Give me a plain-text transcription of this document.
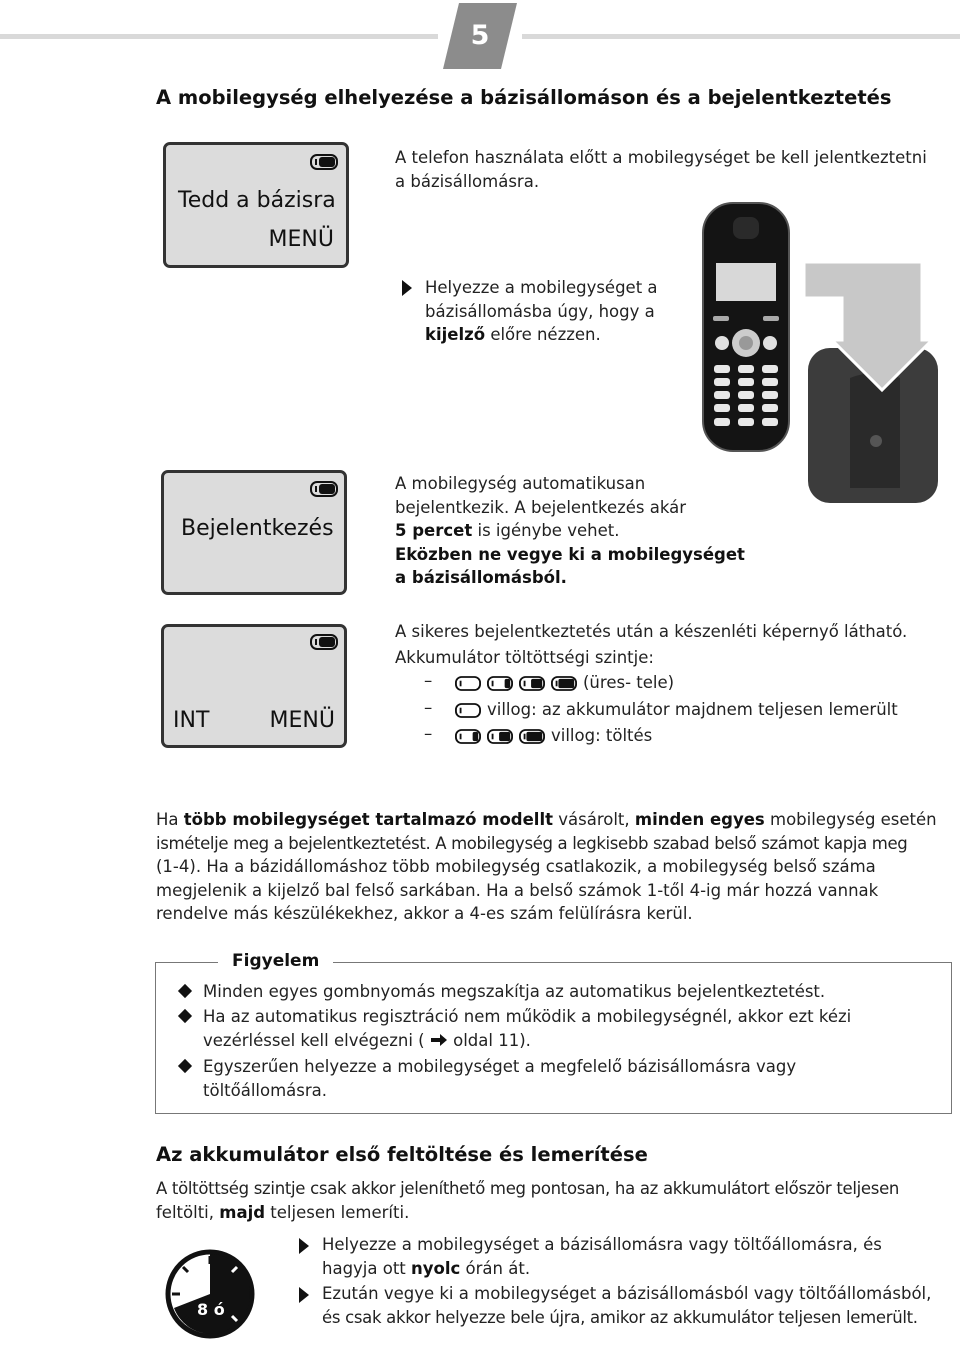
5
A mobilegység elhelyezése a bázisállomáson és a bejelentkeztetés
Tedd a bázisra
MENÜ
Bejelentkezés
INT	MENÜ
A telefon használata előtt a mobilegységet be kell jelentkeztetni
a bázisállomásra.
Helyezze a mobilegységet a
bázisállomásba úgy, hogy a
kijelző előre nézzen.
A mobilegység automatikusan
bejelentkezik. A bejelentkezés akár
5 percet is igénybe vehet.
Eközben ne vegye ki a mobilegységet
a bázisállomásból.
A sikeres bejelentkeztetés után a készenléti képernyő látható.
Akkumulátor töltöttségi szintje:
–	(üres- tele)
–	villog: az akkumulátor majdnem teljesen lemerült
–	villog: töltés
Ha több mobilegységet tartalmazó modellt vásárolt, minden egyes mobilegység esetén
ismételje meg a bejelentkeztetést. A mobilegység a legkisebb szabad belső számot kapja meg
(1-4). Ha a bázidállomáshoz több mobilegység csatlakozik, a mobilegység belső száma
megjelenik a kijelző bal felső sarkában. Ha a belső számok 1-től 4-ig már hozzá vannak
rendelve más készülékekhez, akkor a 4-es szám felülírásra kerül.
Figyelem
Minden egyes gombnyomás megszakítja az automatikus bejelentkeztetést.
Ha az automatikus regisztráció nem működik a mobilegységnél, akkor ezt kézi
vezérléssel kell elvégezni (  oldal 11).
Egyszerűen helyezze a mobilegységet a megfelelő bázisállomásra vagy
töltőállomásra.
Az akkumulátor első feltöltése és lemerítése
A töltöttség szintje csak akkor jeleníthető meg pontosan, ha az akkumulátort először teljesen
feltölti, majd teljesen lemeríti.
8 ó
Helyezze a mobilegységet a bázisállomásra vagy töltőállomásra, és
hagyja ott nyolc órán át.
Ezután vegye ki a mobilegységet a bázisállomásból vagy töltőállomásból,
és csak akkor helyezze bele újra, amikor az akkumulátor teljesen lemerült.
